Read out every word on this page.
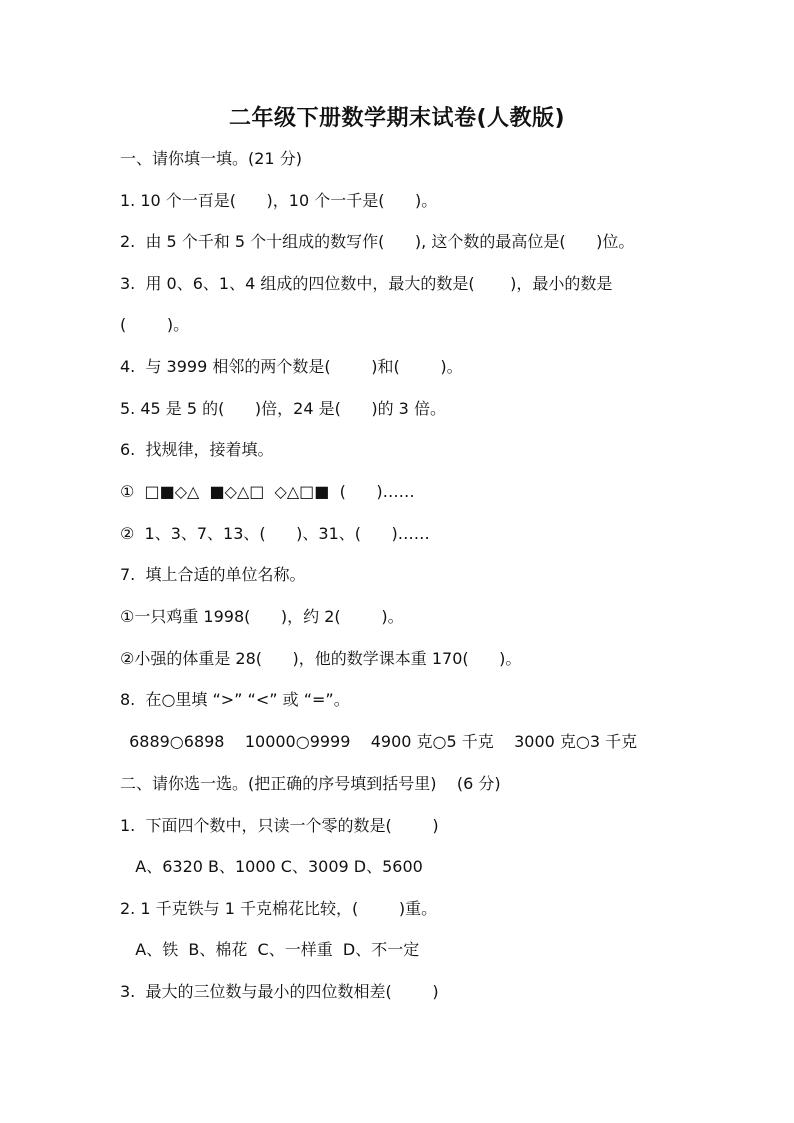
二年级下册数学期末试卷(人教版)
一、请你填一填。(21 分)
1. 10 个一百是(      )，10 个一千是(      )。
2.  由 5 个千和 5 个十组成的数写作(      ), 这个数的最高位是(      )位。
3.  用 0、6、1、4 组成的四位数中，最大的数是(       )，最小的数是
(        )。
4.  与 3999 相邻的两个数是(        )和(        )。
5. 45 是 5 的(      )倍，24 是(      )的 3 倍。
6.  找规律，接着填。
①  □■◇△  ■◇△□  ◇△□■  (      )……
②  1、3、7、13、(      )、31、(      )……
7.  填上合适的单位名称。
①一只鸡重 1998(      )，约 2(        )。
②小强的体重是 28(      )，他的数学课本重 170(      )。
8.  在○里填 “>” “<” 或 “=”。
6889○6898    10000○9999    4900 克○5 千克    3000 克○3 千克
二、请你选一选。(把正确的序号填到括号里)    (6 分)
1.  下面四个数中，只读一个零的数是(        )
A、6320 B、1000 C、3009 D、5600
2. 1 千克铁与 1 千克棉花比较，(        )重。
A、铁  B、棉花  C、一样重  D、不一定
3.  最大的三位数与最小的四位数相差(        )
